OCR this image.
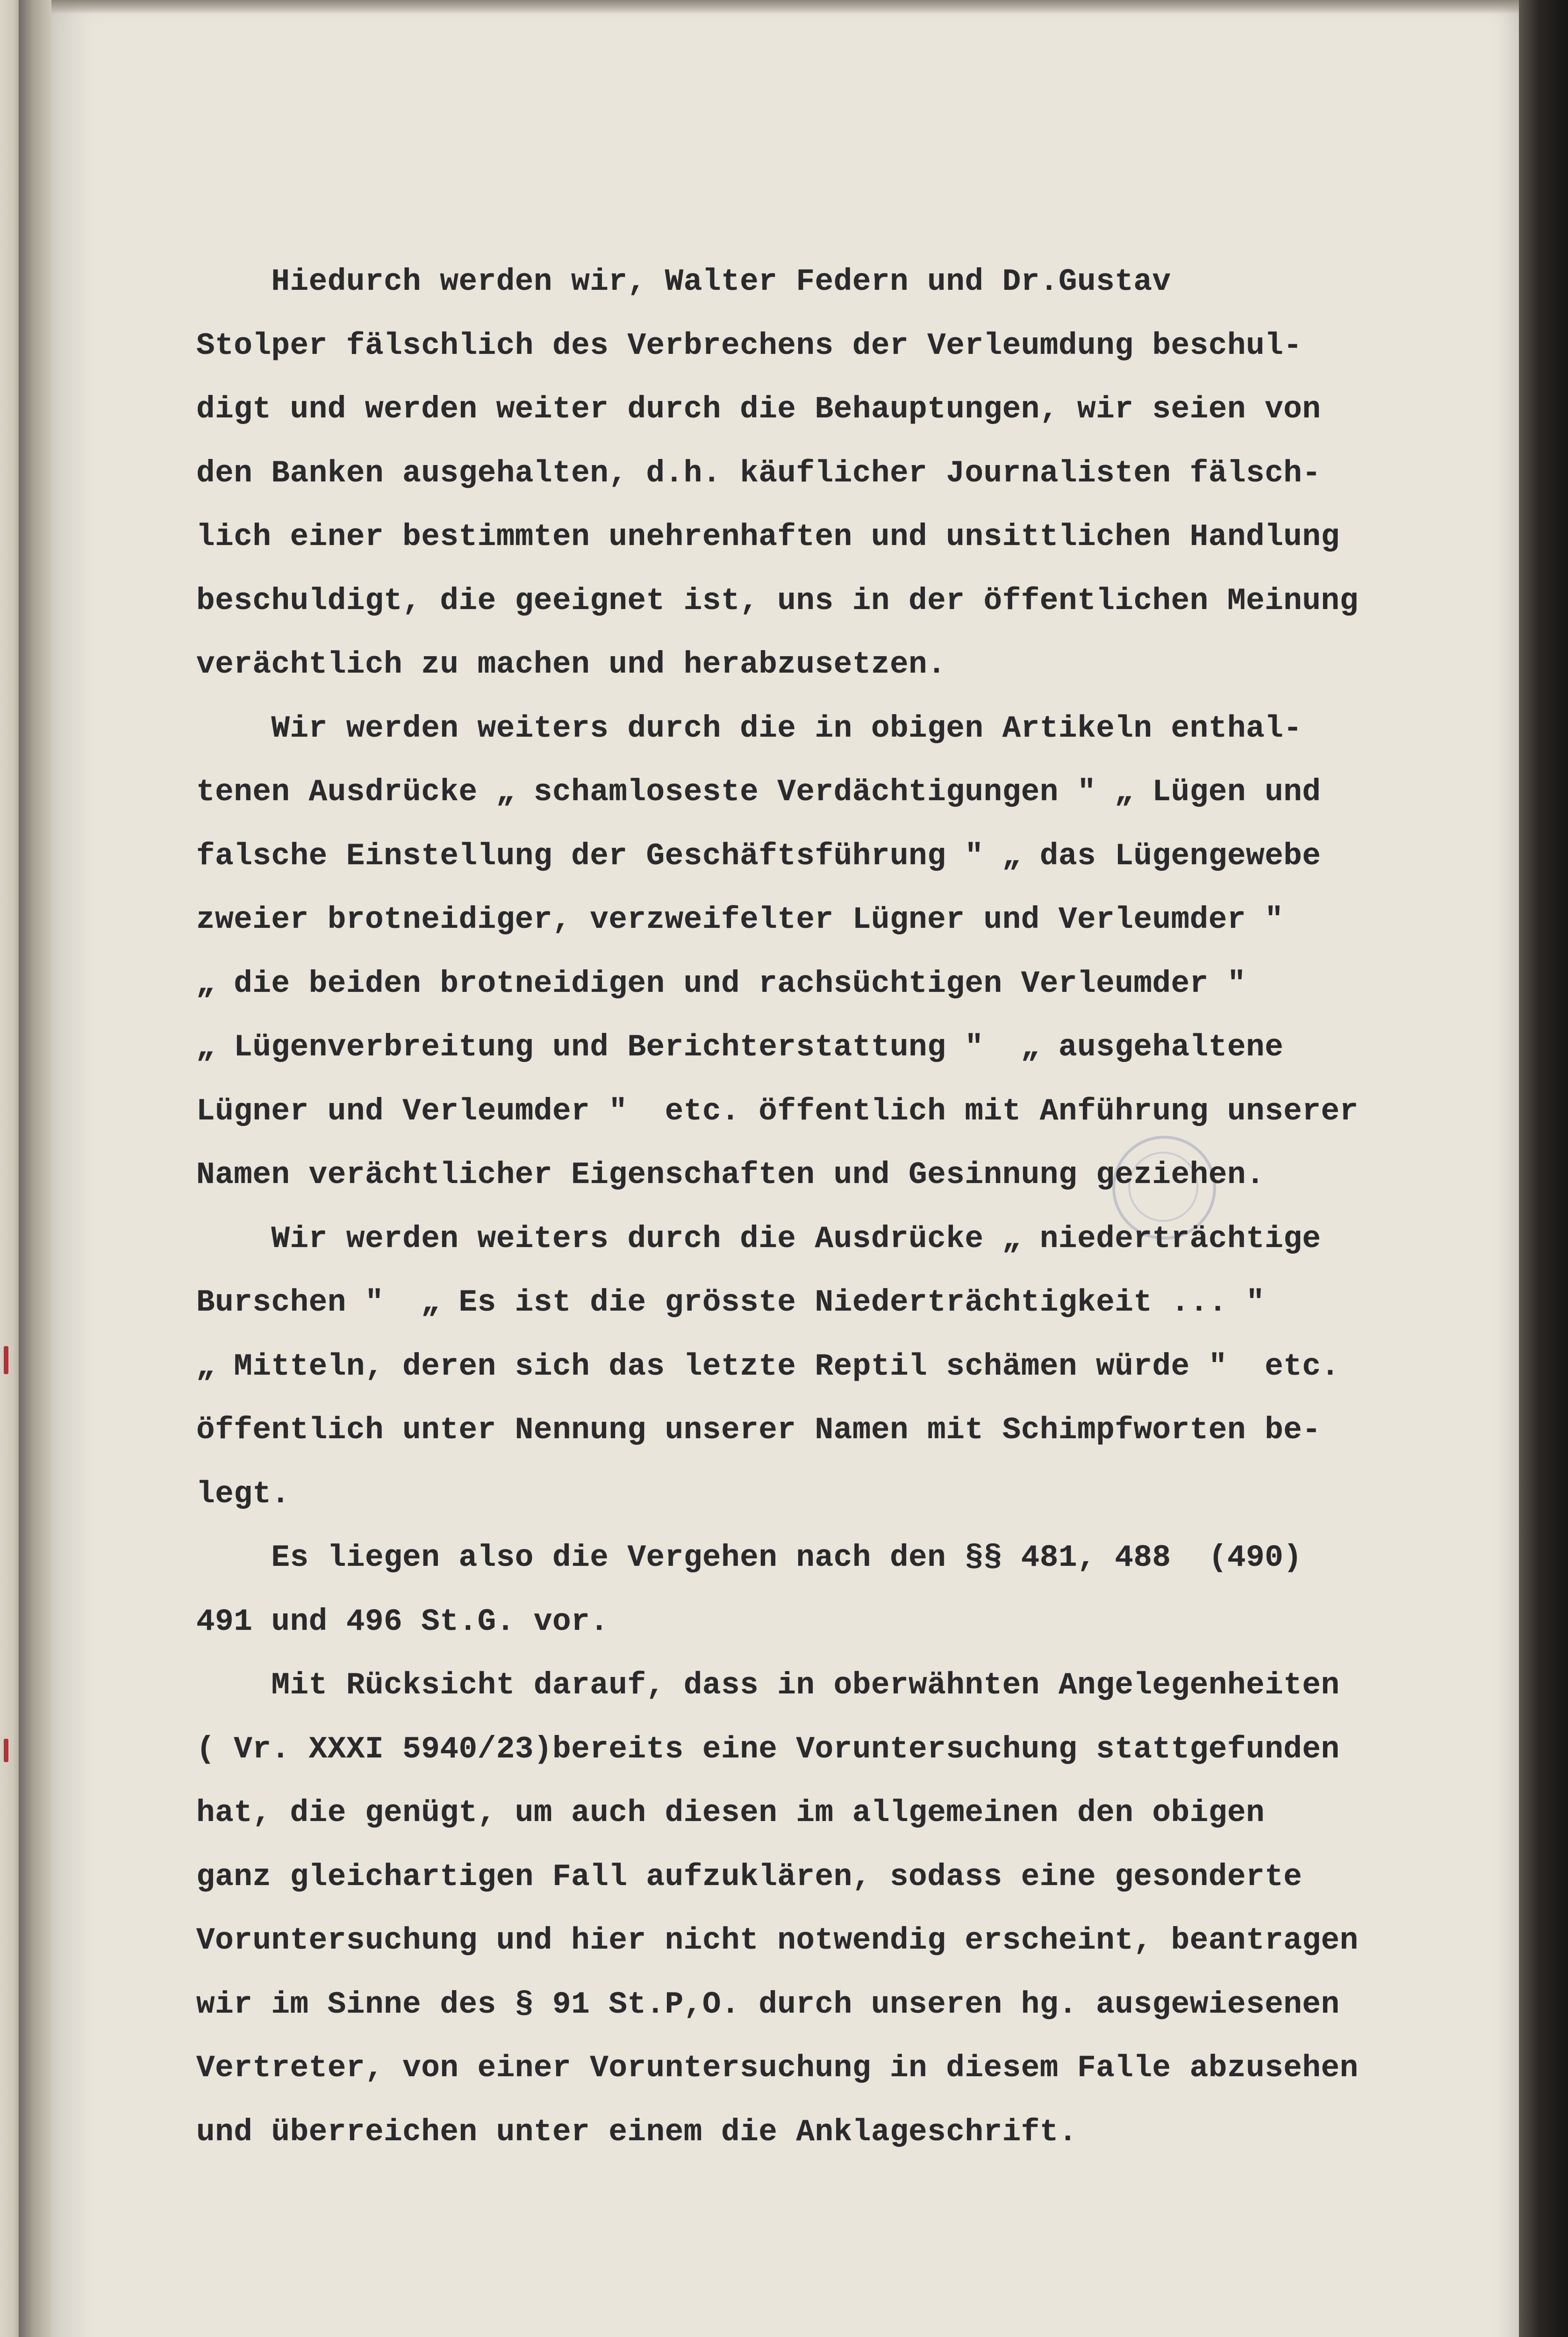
Hiedurch werden wir, Walter Federn und Dr.Gustav
Stolper fälschlich des Verbrechens der Verleumdung beschul-
digt und werden weiter durch die Behauptungen, wir seien von
den Banken ausgehalten, d.h. käuflicher Journalisten fälsch-
lich einer bestimmten unehrenhaften und unsittlichen Handlung
beschuldigt, die geeignet ist, uns in der öffentlichen Meinung
verächtlich zu machen und herabzusetzen.
Wir werden weiters durch die in obigen Artikeln enthal-
tenen Ausdrücke „ schamloseste Verdächtigungen " „ Lügen und
falsche Einstellung der Geschäftsführung " „ das Lügengewebe
zweier brotneidiger, verzweifelter Lügner und Verleumder "
„ die beiden brotneidigen und rachsüchtigen Verleumder "
„ Lügenverbreitung und Berichterstattung "  „ ausgehaltene
Lügner und Verleumder "  etc. öffentlich mit Anführung unserer
Namen verächtlicher Eigenschaften und Gesinnung geziehen.
Wir werden weiters durch die Ausdrücke „ niederträchtige
Burschen "  „ Es ist die grösste Niederträchtigkeit ... "
„ Mitteln, deren sich das letzte Reptil schämen würde "  etc.
öffentlich unter Nennung unserer Namen mit Schimpfworten be-
legt.
Es liegen also die Vergehen nach den §§ 481, 488  (490)
491 und 496 St.G. vor.
Mit Rücksicht darauf, dass in oberwähnten Angelegenheiten
( Vr. XXXI 5940/23)bereits eine Voruntersuchung stattgefunden
hat, die genügt, um auch diesen im allgemeinen den obigen
ganz gleichartigen Fall aufzuklären, sodass eine gesonderte
Voruntersuchung und hier nicht notwendig erscheint, beantragen
wir im Sinne des § 91 St.P,O. durch unseren hg. ausgewiesenen
Vertreter, von einer Voruntersuchung in diesem Falle abzusehen
und überreichen unter einem die Anklageschrift.
